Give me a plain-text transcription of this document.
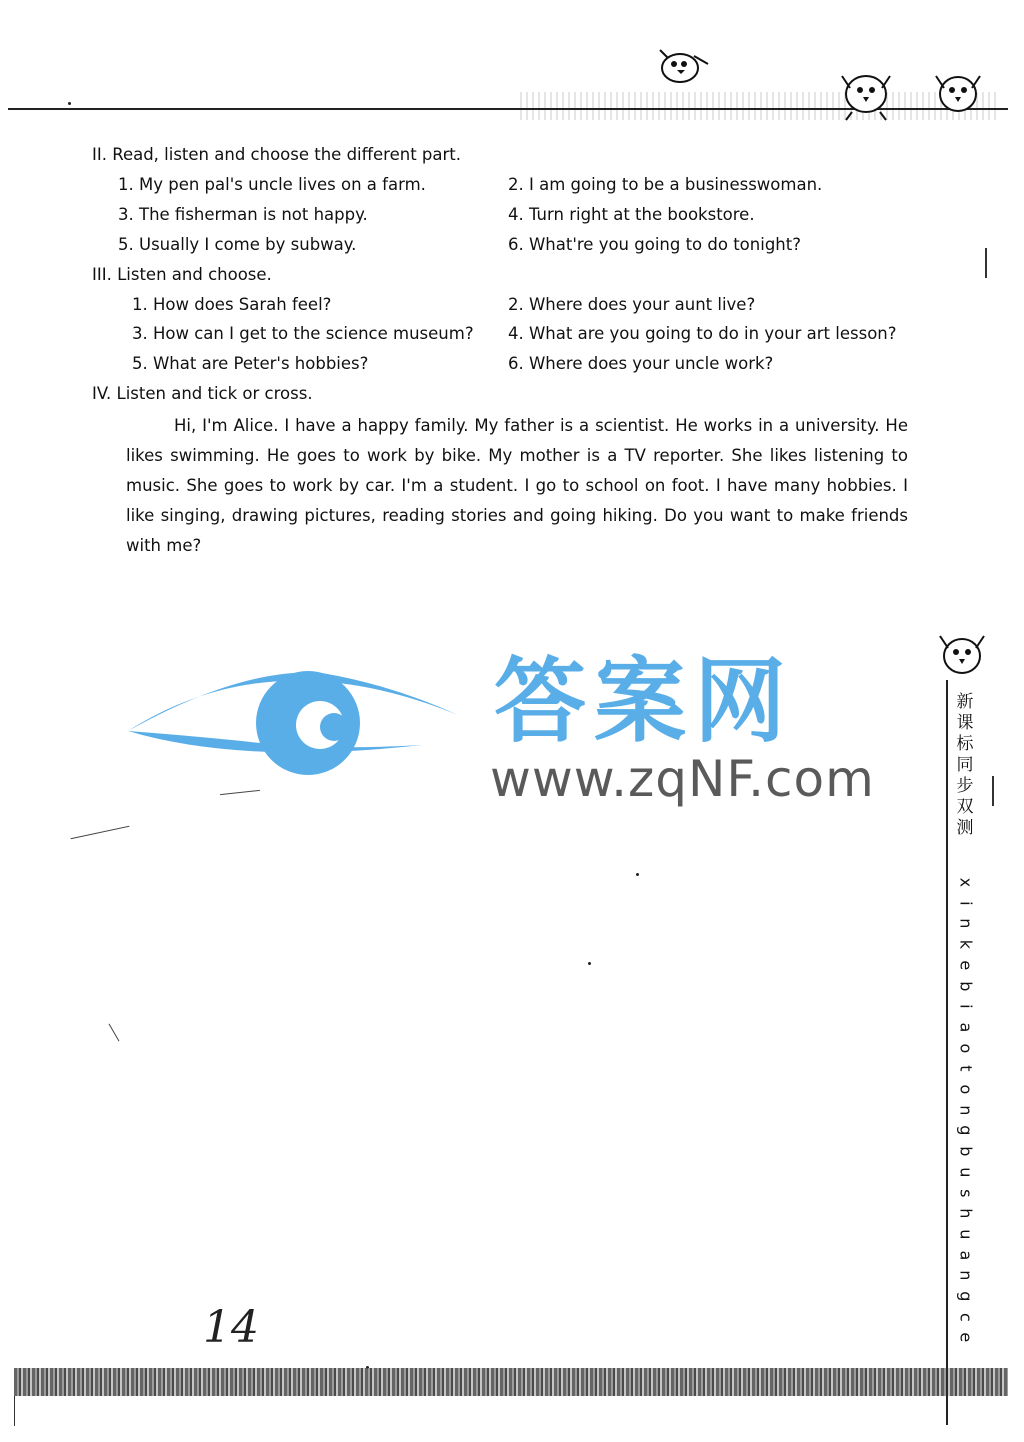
II. Read, listen and choose the different part.
1. My pen pal's uncle lives on a farm.	2. I am going to be a businesswoman.
3. The fisherman is not happy.	4. Turn right at the bookstore.
5. Usually I come by subway.	6. What're you going to do tonight?
III. Listen and choose.
1. How does Sarah feel?	2. Where does your aunt live?
3. How can I get to the science museum? 4. What are you going to do in your art lesson?
5. What are Peter's hobbies?	6. Where does your uncle work?
IV. Listen and tick or cross.
Hi, I'm Alice. I have a happy family. My father is a scientist. He works in a university. He likes swimming. He goes to work by bike. My mother is a TV reporter. She likes listening to music. She goes to work by car. I'm a student. I go to school on foot. I have many hobbies. I like singing, drawing pictures, reading stories and going hiking. Do you want to make friends with me?
答案网
www.zqNF.com
新
课
标
同
步
双
测
x
i
n
k
e
b
i
a
o
t
o
n
g
b
u
s
h
u
a
n
g
c
e
14
